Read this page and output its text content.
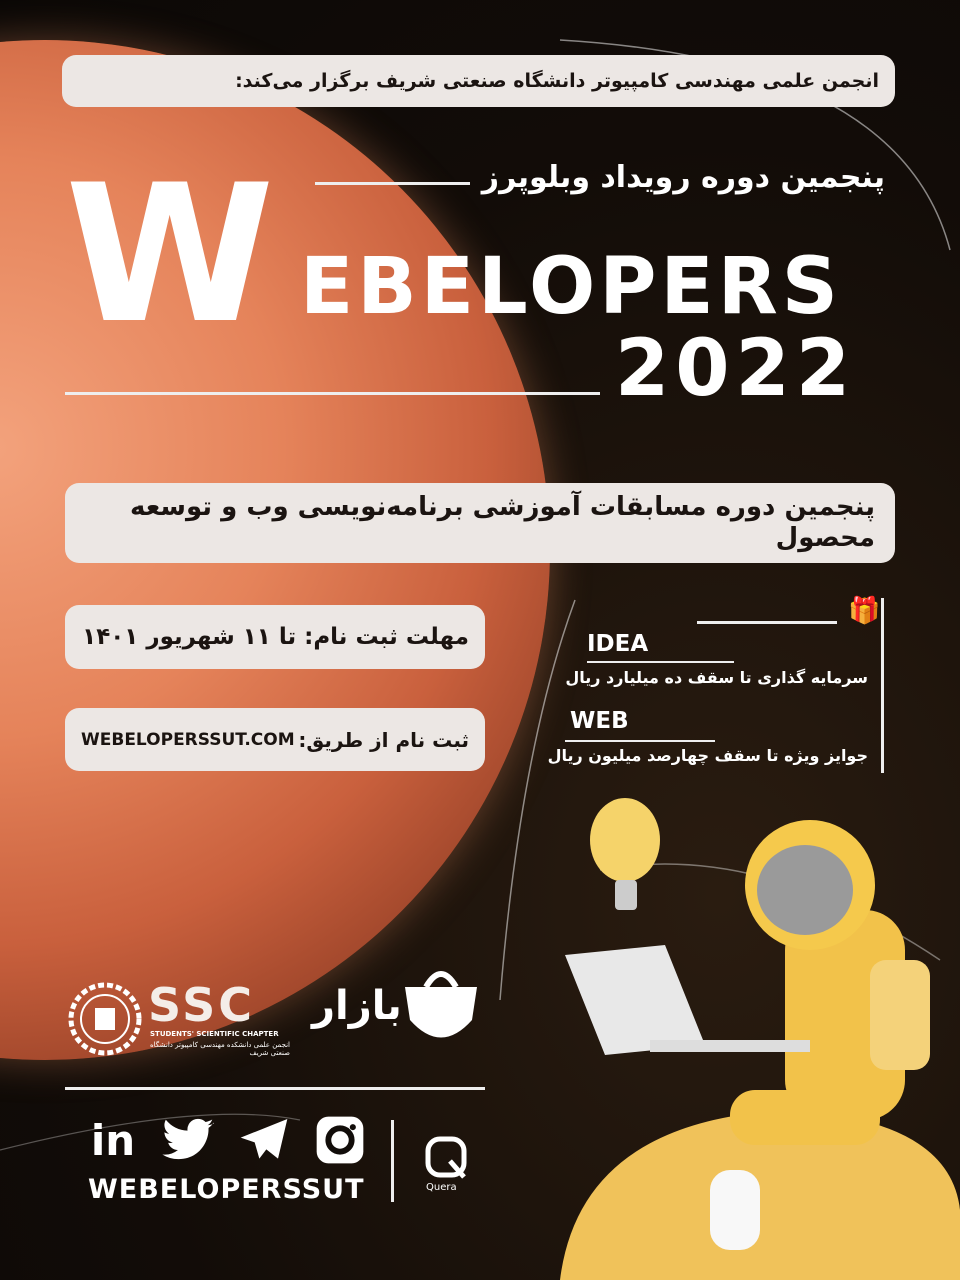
انجمن علمی مهندسی کامپیوتر دانشگاه صنعتی شریف برگزار می‌کند:
پنجمین دوره رویداد وبلوپرز
W EBELOPERS
2022
پنجمین دوره مسابقات آموزشی برنامه‌نویسی وب و توسعه محصول
مهلت ثبت نام: تا ۱۱ شهریور ۱۴۰۱
ثبت نام از طریق:
WEBELOPERSSUT.COM
🎁
IDEA
سرمایه گذاری تا سقف ده میلیارد ریال
WEB
جوایز ویژه تا سقف چهارصد میلیون ریال
SSC
STUDENTS' SCIENTIFIC CHAPTER
انجمن علمی دانشکده مهندسی کامپیوتر دانشگاه صنعتی شریف
بازار
in
WEBELOPERSSUT	Quera
